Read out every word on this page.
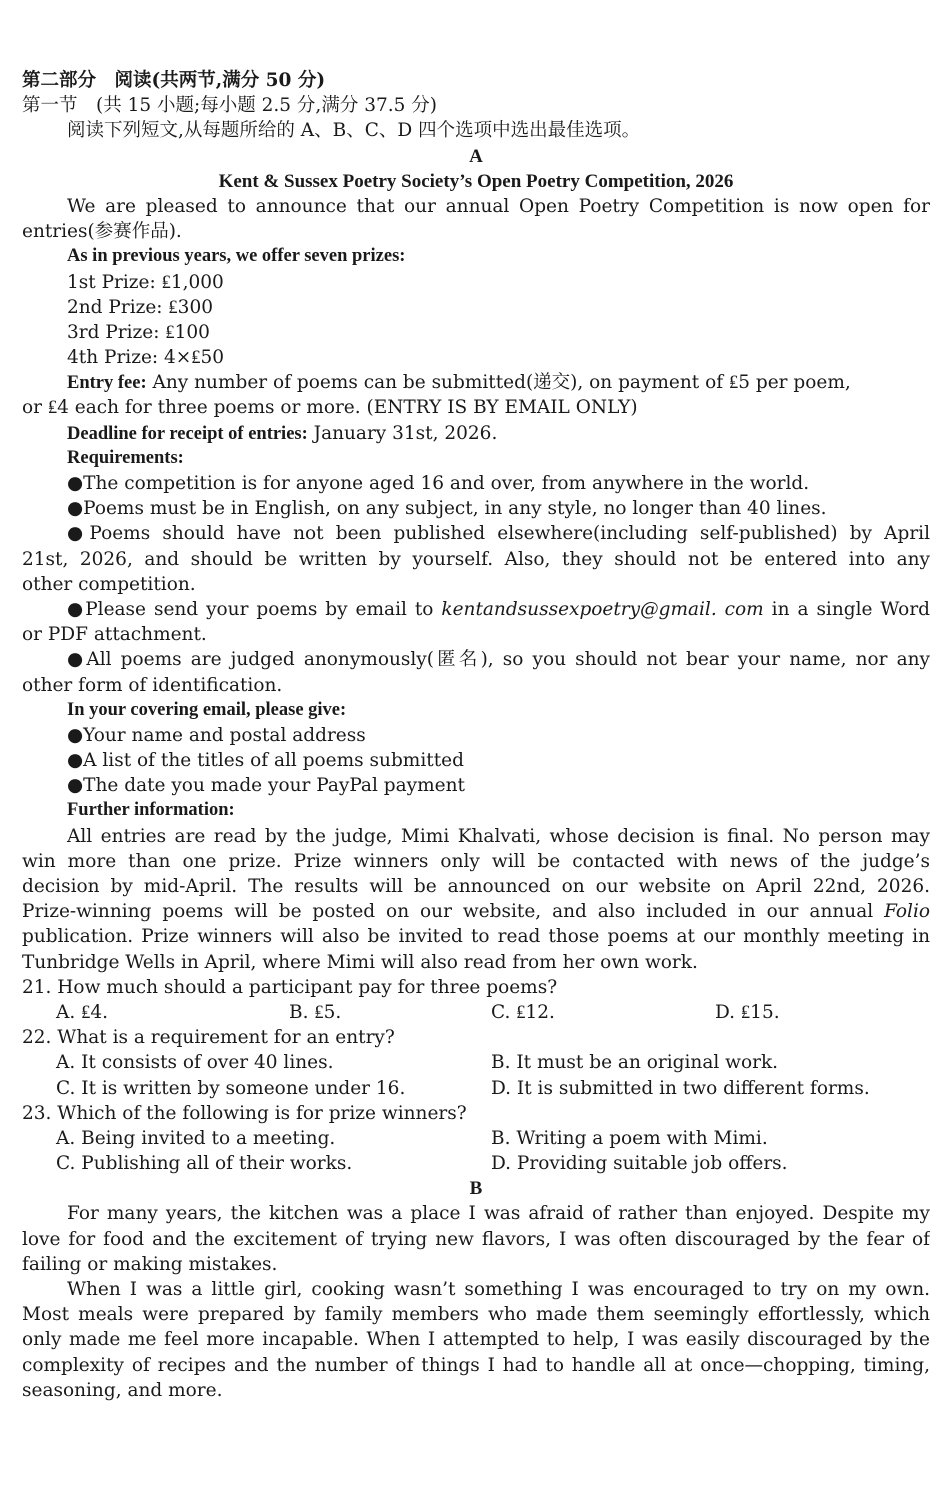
第二部分　阅读(共两节,满分 50 分)
第一节　(共 15 小题;每小题 2.5 分,满分 37.5 分)
阅读下列短文,从每题所给的 A、B、C、D 四个选项中选出最佳选项。
A
Kent & Sussex Poetry Society’s Open Poetry Competition, 2026
We are pleased to announce that our annual Open Poetry Competition is now open for
entries(参赛作品).
As in previous years, we offer seven prizes:
1st Prize: ₤1,000
2nd Prize: ₤300
3rd Prize: ₤100
4th Prize: 4×₤50
Entry fee: Any number of poems can be submitted(递交), on payment of ₤5 per poem,
or ₤4 each for three poems or more. (ENTRY IS BY EMAIL ONLY)
Deadline for receipt of entries: January 31st, 2026.
Requirements:
●The competition is for anyone aged 16 and over, from anywhere in the world.
●Poems must be in English, on any subject, in any style, no longer than 40 lines.
●Poems should have not been published elsewhere(including self-published) by April
21st, 2026, and should be written by yourself. Also, they should not be entered into any
other competition.
●Please send your poems by email to kentandsussexpoetry@gmail. com in a single Word
or PDF attachment.
●All poems are judged anonymously(匿名), so you should not bear your name, nor any
other form of identification.
In your covering email, please give:
●Your name and postal address
●A list of the titles of all poems submitted
●The date you made your PayPal payment
Further information:
All entries are read by the judge, Mimi Khalvati, whose decision is final. No person may
win more than one prize. Prize winners only will be contacted with news of the judge’s
decision by mid-April. The results will be announced on our website on April 22nd, 2026.
Prize-winning poems will be posted on our website, and also included in our annual Folio
publication. Prize winners will also be invited to read those poems at our monthly meeting in
Tunbridge Wells in April, where Mimi will also read from her own work.
21. How much should a participant pay for three poems?
A. ₤4.	B. ₤5.	C. ₤12.	D. ₤15.
22. What is a requirement for an entry?
A. It consists of over 40 lines.	B. It must be an original work.
C. It is written by someone under 16.	D. It is submitted in two different forms.
23. Which of the following is for prize winners?
A. Being invited to a meeting.	B. Writing a poem with Mimi.
C. Publishing all of their works.	D. Providing suitable job offers.
B
For many years, the kitchen was a place I was afraid of rather than enjoyed. Despite my
love for food and the excitement of trying new flavors, I was often discouraged by the fear of
failing or making mistakes.
When I was a little girl, cooking wasn’t something I was encouraged to try on my own.
Most meals were prepared by family members who made them seemingly effortlessly, which
only made me feel more incapable. When I attempted to help, I was easily discouraged by the
complexity of recipes and the number of things I had to handle all at once—chopping, timing,
seasoning, and more.
